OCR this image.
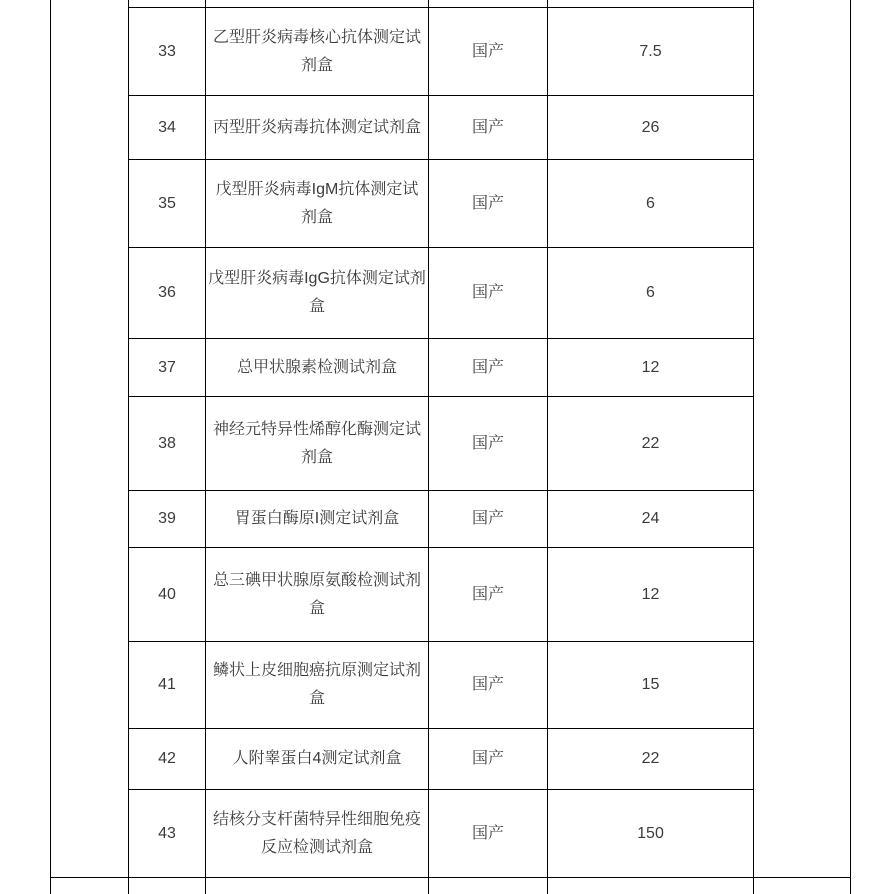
	33	乙型肝炎病毒核心抗体测定试
剂盒	国产	7.5	
	34	丙型肝炎病毒抗体测定试剂盒	国产	26	
	35	戊型肝炎病毒IgM抗体测定试
剂盒	国产	6	
	36	戊型肝炎病毒IgG抗体测定试剂
盒	国产	6	
	37	总甲状腺素检测试剂盒	国产	12	
	38	神经元特异性烯醇化酶测定试
剂盒	国产	22	
	39	胃蛋白酶原I测定试剂盒	国产	24	
	40	总三碘甲状腺原氨酸检测试剂
盒	国产	12	
	41	鳞状上皮细胞癌抗原测定试剂
盒	国产	15	
	42	人附睾蛋白4测定试剂盒	国产	22	
	43	结核分支杆菌特异性细胞免疫
反应检测试剂盒	国产	150	
